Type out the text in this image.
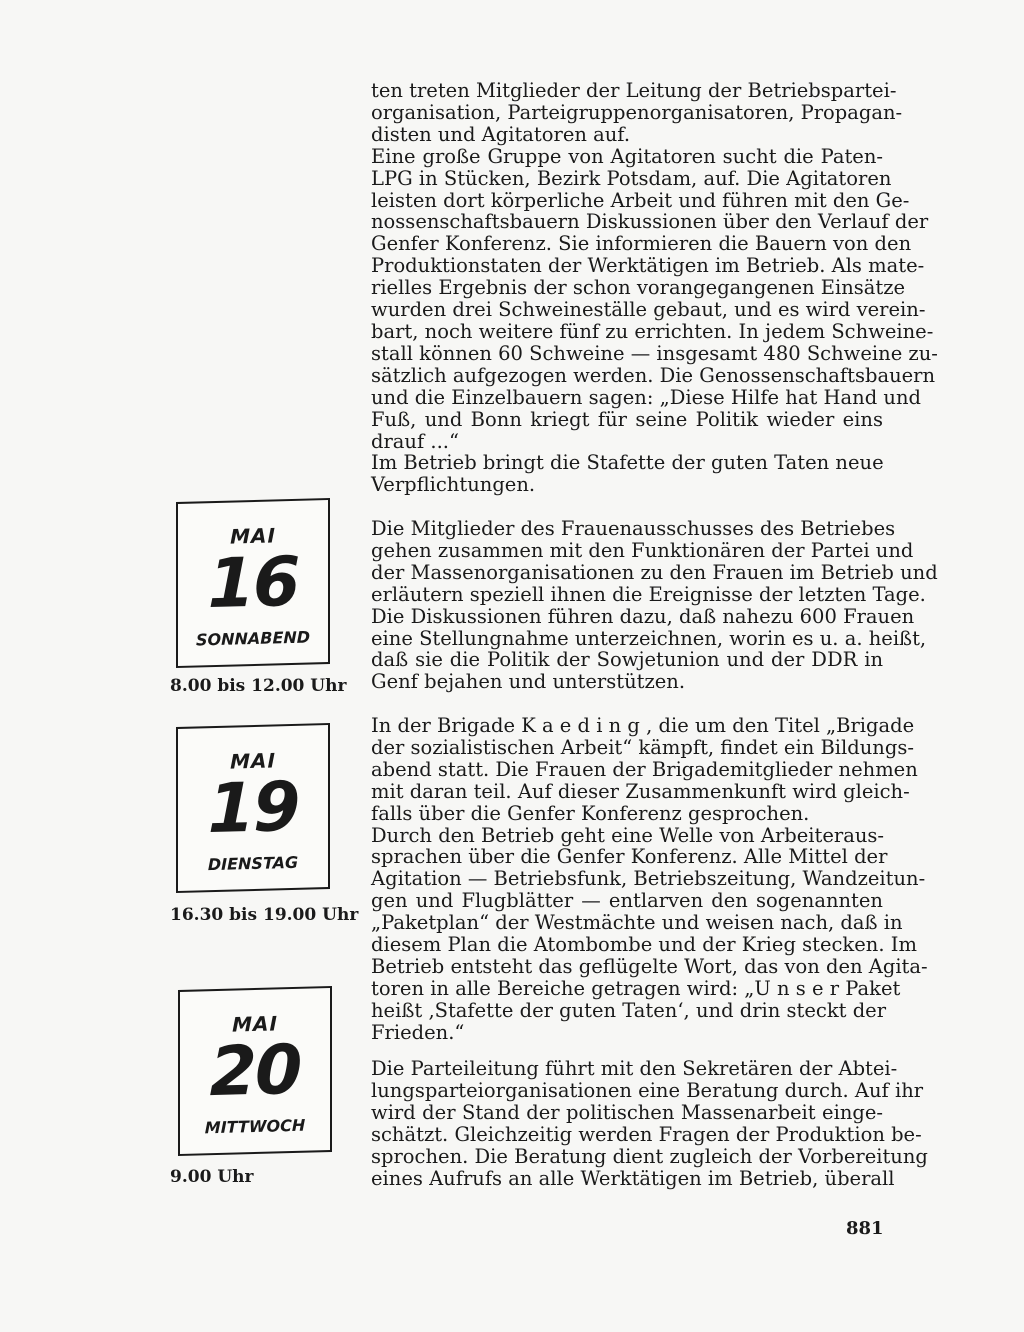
ten treten Mitglieder der Leitung der Betriebspartei-
organisation, Parteigruppenorganisatoren, Propagan-
disten und Agitatoren auf.
Eine große Gruppe von Agitatoren sucht die Paten-
LPG in Stücken, Bezirk Potsdam, auf. Die Agitatoren
leisten dort körperliche Arbeit und führen mit den Ge-
nossenschaftsbauern Diskussionen über den Verlauf der
Genfer Konferenz. Sie informieren die Bauern von den
Produktionstaten der Werktätigen im Betrieb. Als mate-
rielles Ergebnis der schon vorangegangenen Einsätze
wurden drei Schweineställe gebaut, und es wird verein-
bart, noch weitere fünf zu errichten. In jedem Schweine-
stall können 60 Schweine — insgesamt 480 Schweine zu-
sätzlich aufgezogen werden. Die Genossenschaftsbauern
und die Einzelbauern sagen: „Diese Hilfe hat Hand und
Fuß, und Bonn kriegt für seine Politik wieder eins
drauf ...“
Im Betrieb bringt die Stafette der guten Taten neue
Verpflichtungen.
Die Mitglieder des Frauenausschusses des Betriebes
gehen zusammen mit den Funktionären der Partei und
der Massenorganisationen zu den Frauen im Betrieb und
erläutern speziell ihnen die Ereignisse der letzten Tage.
Die Diskussionen führen dazu, daß nahezu 600 Frauen
eine Stellungnahme unterzeichnen, worin es u. a. heißt,
daß sie die Politik der Sowjetunion und der DDR in
Genf bejahen und unterstützen.
In der Brigade K a e d i n g , die um den Titel „Brigade
der sozialistischen Arbeit“ kämpft, findet ein Bildungs-
abend statt. Die Frauen der Brigademitglieder nehmen
mit daran teil. Auf dieser Zusammenkunft wird gleich-
falls über die Genfer Konferenz gesprochen.
Durch den Betrieb geht eine Welle von Arbeiteraus-
sprachen über die Genfer Konferenz. Alle Mittel der
Agitation — Betriebsfunk, Betriebszeitung, Wandzeitun-
gen und Flugblätter — entlarven den sogenannten
„Paketplan“ der Westmächte und weisen nach, daß in
diesem Plan die Atombombe und der Krieg stecken. Im
Betrieb entsteht das geflügelte Wort, das von den Agita-
toren in alle Bereiche getragen wird: „U n s e r Paket
heißt ‚Stafette der guten Taten‘, und drin steckt der
Frieden.“
Die Parteileitung führt mit den Sekretären der Abtei-
lungsparteiorganisationen eine Beratung durch. Auf ihr
wird der Stand der politischen Massenarbeit einge-
schätzt. Gleichzeitig werden Fragen der Produktion be-
sprochen. Die Beratung dient zugleich der Vorbereitung
eines Aufrufs an alle Werktätigen im Betrieb, überall
MAI
16
SONNABEND
8.00 bis 12.00 Uhr
MAI
19
DIENSTAG
16.30 bis 19.00 Uhr
MAI
20
MITTWOCH
9.00 Uhr
881
